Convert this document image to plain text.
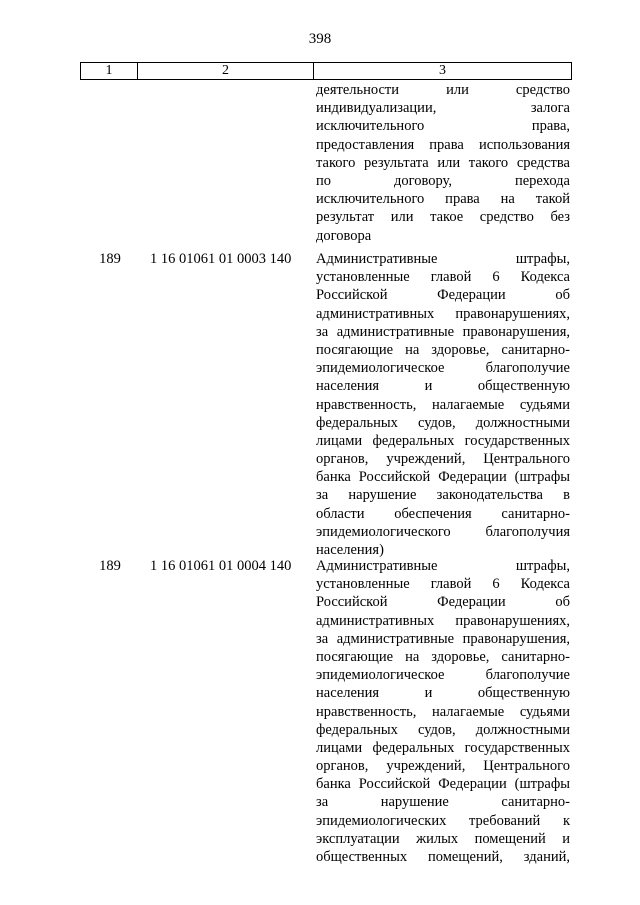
398
1	2	3
деятельности или средство
индивидуализации, залога
исключительного права,
предоставления права использования
такого результата или такого средства
по договору, перехода
исключительного права на такой
результат или такое средство без
договора
189	1 16 01061 01 0003 140	Административные штрафы,
установленные главой 6 Кодекса
Российской Федерации об
административных правонарушениях,
за административные правонарушения,
посягающие на здоровье, санитарно-
эпидемиологическое благополучие
населения и общественную
нравственность, налагаемые судьями
федеральных судов, должностными
лицами федеральных государственных
органов, учреждений, Центрального
банка Российской Федерации (штрафы
за нарушение законодательства в
области обеспечения санитарно-
эпидемиологического благополучия
населения)
189	1 16 01061 01 0004 140	Административные штрафы,
установленные главой 6 Кодекса
Российской Федерации об
административных правонарушениях,
за административные правонарушения,
посягающие на здоровье, санитарно-
эпидемиологическое благополучие
населения и общественную
нравственность, налагаемые судьями
федеральных судов, должностными
лицами федеральных государственных
органов, учреждений, Центрального
банка Российской Федерации (штрафы
за нарушение санитарно-
эпидемиологических требований к
эксплуатации жилых помещений и
общественных помещений, зданий,
